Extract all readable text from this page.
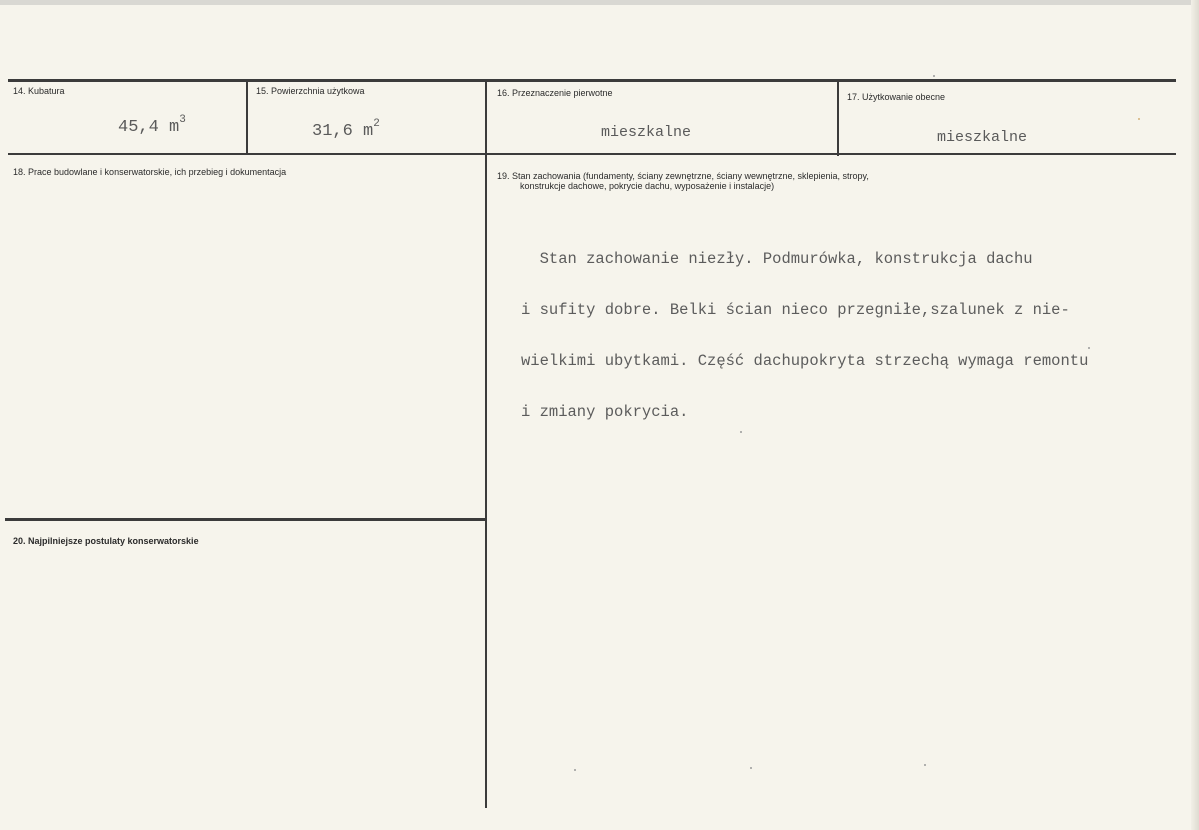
14. Kubatura
45,4 $m^3$
15. Powierzchnia użytkowa
31,6 $m^2$
16. Przeznaczenie pierwotne
mieszkalne
17. Użytkowanie obecne
mieszkalne
18. Prace budowlane i konserwatorskie, ich przebieg i dokumentacja	19. Stan zachowania (fundamenty, ściany zewnętrzne, ściany wewnętrzne, sklepienia, stropy,
konstrukcje dachowe, pokrycie dachu, wyposażenie i instalacje)

Stan zachowanie niezły. Podmurówka, konstrukcja dachu

i sufity dobre. Belki ścian nieco przegniłe,szalunek z nie-

wielkimi ubytkami. Część dachupokryta strzechą wymaga remontu

i zmiany pokrycia.

20. Najpilniejsze postulaty konserwatorskie
